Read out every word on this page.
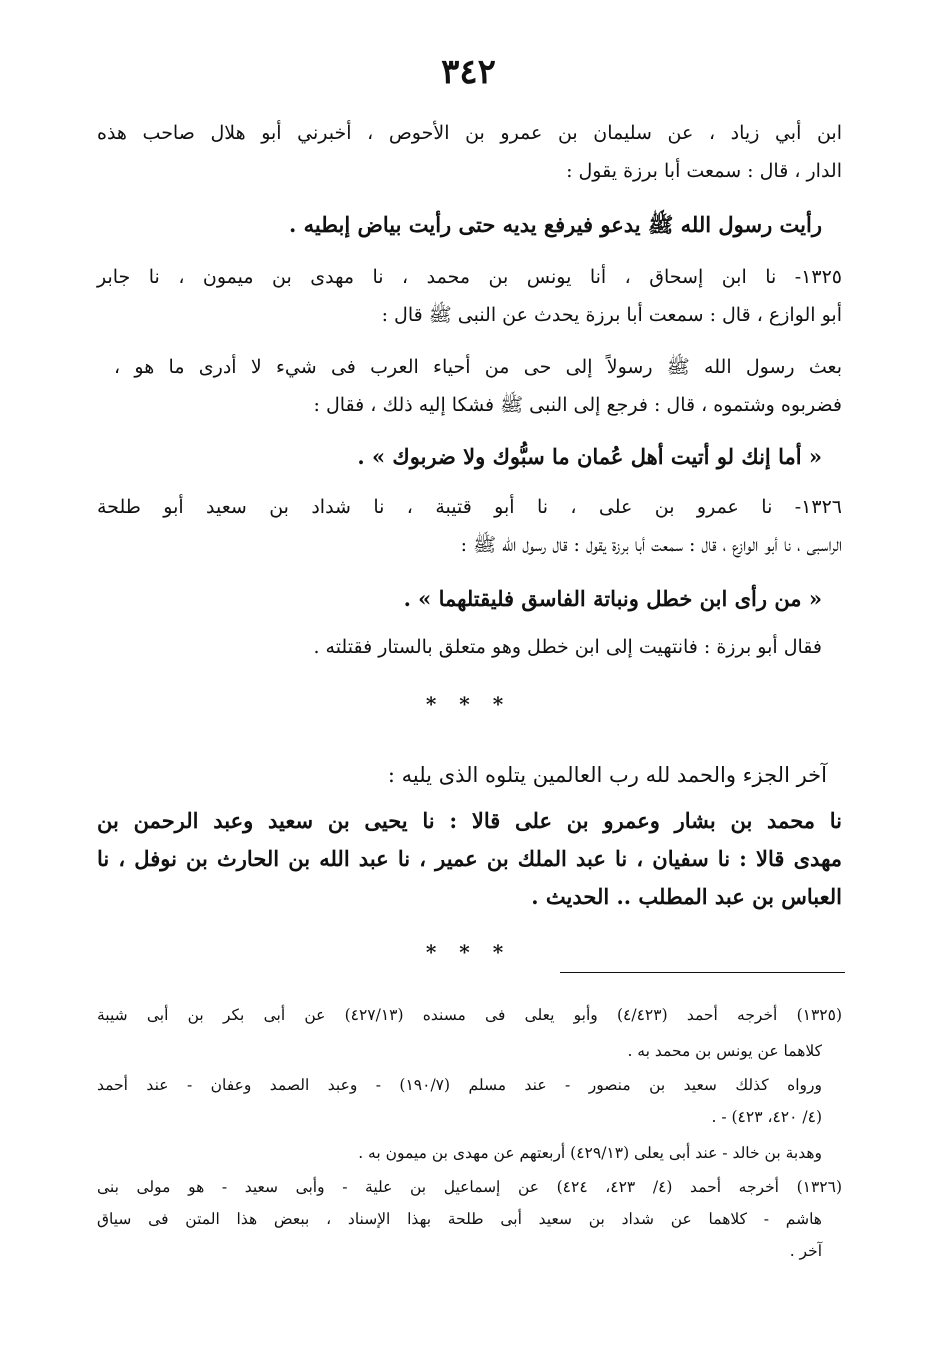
٣٤٢
ابن أبي زياد ، عن سليمان بن عمرو بن الأحوص ، أخبرني أبو هلال صاحب هذه
الدار ، قال : سمعت أبا برزة يقول :
رأيت رسول الله ﷺ يدعو فيرفع يديه حتى رأيت بياض إبطيه .
١٣٢٥- نا ابن إسحاق ، أنا يونس بن محمد ، نا مهدى بن ميمون ، نا جابر
أبو الوازع ، قال : سمعت أبا برزة يحدث عن النبى ﷺ قال :
بعث رسول الله ﷺ رسولاً إلى حى من أحياء العرب فى شيء لا أدرى ما هو ،
فضربوه وشتموه ، قال : فرجع إلى النبى ﷺ فشكا إليه ذلك ، فقال :
« أما إنك لو أتيت أهل عُمان ما سبُّوك ولا ضربوك » .
١٣٢٦- نا عمرو بن على ، نا أبو قتيبة ، نا شداد بن سعيد أبو طلحة
الراسبى ، نا أبو الوازع ، قال : سمعت أبا برزة يقول : قال رسول الله ﷺ :
« من رأى ابن خطل ونباتة الفاسق فليقتلهما » .
فقال أبو برزة : فانتهيت إلى ابن خطل وهو متعلق بالستار فقتلته .
* * *
آخر الجزء والحمد لله رب العالمين يتلوه الذى يليه :
نا محمد بن بشار وعمرو بن على قالا : نا يحيى بن سعيد وعبد الرحمن بن
مهدى قالا : نا سفيان ، نا عبد الملك بن عمير ، نا عبد الله بن الحارث بن نوفل ، نا
العباس بن عبد المطلب .. الحديث .
* * *
(١٣٢٥) أخرجه أحمد (٤/٤٢٣) وأبو يعلى فى مسنده (٤٢٧/١٣) عن أبى بكر بن أبى شيبة
كلاهما عن يونس بن محمد به .
ورواه كذلك سعيد بن منصور - عند مسلم (١٩٠/٧) - وعبد الصمد وعفان - عند أحمد
(٤/ ٤٢٠، ٤٢٣) - .
وهدبة بن خالد - عند أبى يعلى (٤٢٩/١٣) أربعتهم عن مهدى بن ميمون به .
(١٣٢٦) أخرجه أحمد (٤/ ٤٢٣، ٤٢٤) عن إسماعيل بن علية - وأبى سعيد - هو مولى بنى
هاشم - كلاهما عن شداد بن سعيد أبى طلحة بهذا الإسناد ، ببعض هذا المتن فى سياق
آخر .
